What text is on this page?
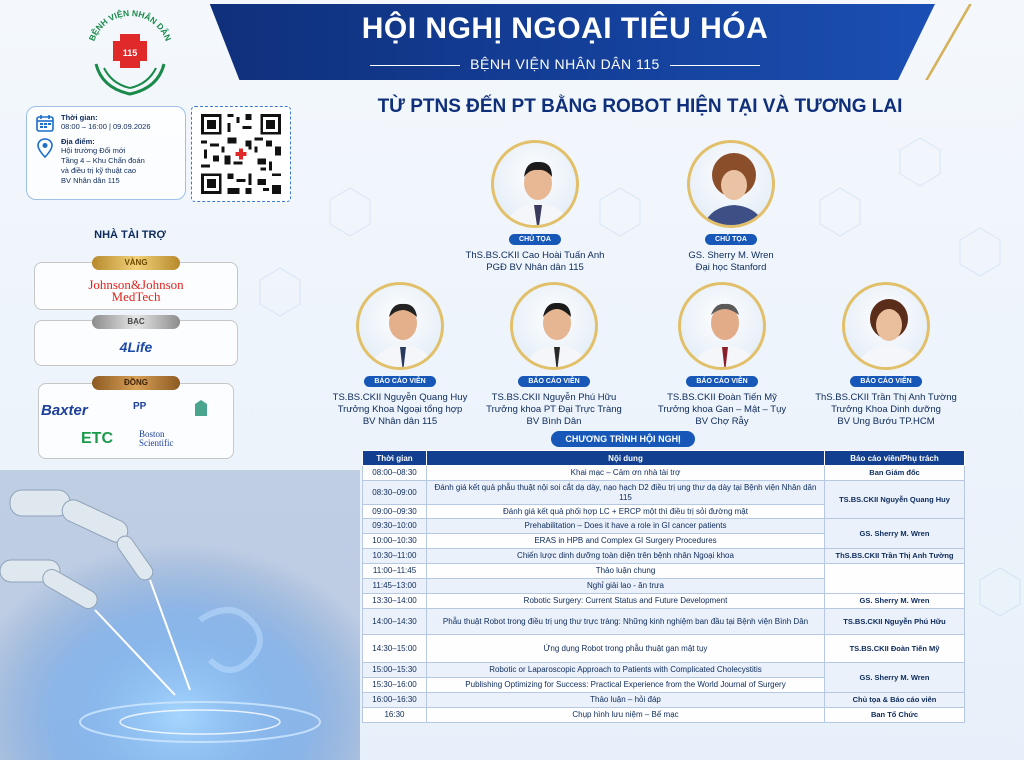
BỆNH VIỆN NHÂN DÂN
115
HỘI NGHỊ NGOẠI TIÊU HÓA
BỆNH VIỆN NHÂN DÂN 115
Thời gian:
08:00 – 16:00 | 09.09.2026
Địa điểm:
Hội trường Đổi mới
Tầng 4 – Khu Chẩn đoán
và điều trị kỹ thuật cao
BV Nhân dân 115
NHÀ TÀI TRỢ
Johnson&Johnson
MedTech
VÀNG
4Life
BẠC
Baxter	PP
ETC	Boston
Scientific
ĐỒNG
TỪ PTNS ĐẾN PT BẰNG ROBOT HIỆN TẠI VÀ TƯƠNG LAI
CHỦ TỌA
ThS.BS.CKII Cao Hoài Tuấn Anh
PGĐ BV Nhân dân 115
CHỦ TỌA
GS. Sherry M. Wren
Đại học Stanford
BÁO CÁO VIÊN
TS.BS.CKII Nguyễn Quang Huy
Trưởng Khoa Ngoại tổng hợp
BV Nhân dân 115
BÁO CÁO VIÊN
TS.BS.CKII Nguyễn Phú Hữu
Trưởng khoa PT Đại Trực Tràng
BV Bình Dân
BÁO CÁO VIÊN
TS.BS.CKII Đoàn Tiến Mỹ
Trưởng khoa Gan – Mật – Tụy
BV Chợ Rẫy
BÁO CÁO VIÊN
ThS.BS.CKII Trần Thị Anh Tường
Trưởng Khoa Dinh dưỡng
BV Ung Bướu TP.HCM
CHƯƠNG TRÌNH HỘI NGHỊ
Thời gian	Nội dung	Báo cáo viên/Phụ trách
08:00–08:30	Khai mạc – Cảm ơn nhà tài trợ	Ban Giám đốc
08:30–09:00	Đánh giá kết quả phẫu thuật nội soi cắt dạ dày, nạo hạch D2 điều trị ung thư dạ dày tại Bệnh viện Nhân dân 115	TS.BS.CKII Nguyễn Quang Huy
09:00–09:30	Đánh giá kết quả phối hợp LC + ERCP một thì điều trị sỏi đường mật	
09:30–10:00	Prehabilitation – Does it have a role in GI cancer patients	GS. Sherry M. Wren
10:00–10:30	ERAS in HPB and Complex GI Surgery Procedures	
10:30–11:00	Chiến lược dinh dưỡng toàn diện trên bệnh nhân Ngoại khoa	ThS.BS.CKII Trần Thị Anh Tường
11:00–11:45	Thảo luận chung	
11:45–13:00	Nghỉ giải lao - ăn trưa	
13:30–14:00	Robotic Surgery: Current Status and Future Development	GS. Sherry M. Wren
14:00–14:30	Phẫu thuật Robot trong điều trị ung thư trực tràng: Những kinh nghiệm ban đầu tại Bệnh viện Bình Dân	TS.BS.CKII Nguyễn Phú Hữu
14:30–15:00	Ứng dụng Robot trong phẫu thuật gan mật tụy	TS.BS.CKII Đoàn Tiến Mỹ
15:00–15:30	Robotic or Laparoscopic Approach to Patients with Complicated Cholecystitis	GS. Sherry M. Wren
15:30–16:00	Publishing Optimizing for Success: Practical Experience from the World Journal of Surgery	
16:00–16:30	Thảo luận – hỏi đáp	Chủ tọa & Báo cáo viên
16:30	Chụp hình lưu niệm – Bế mạc	Ban Tổ Chức
